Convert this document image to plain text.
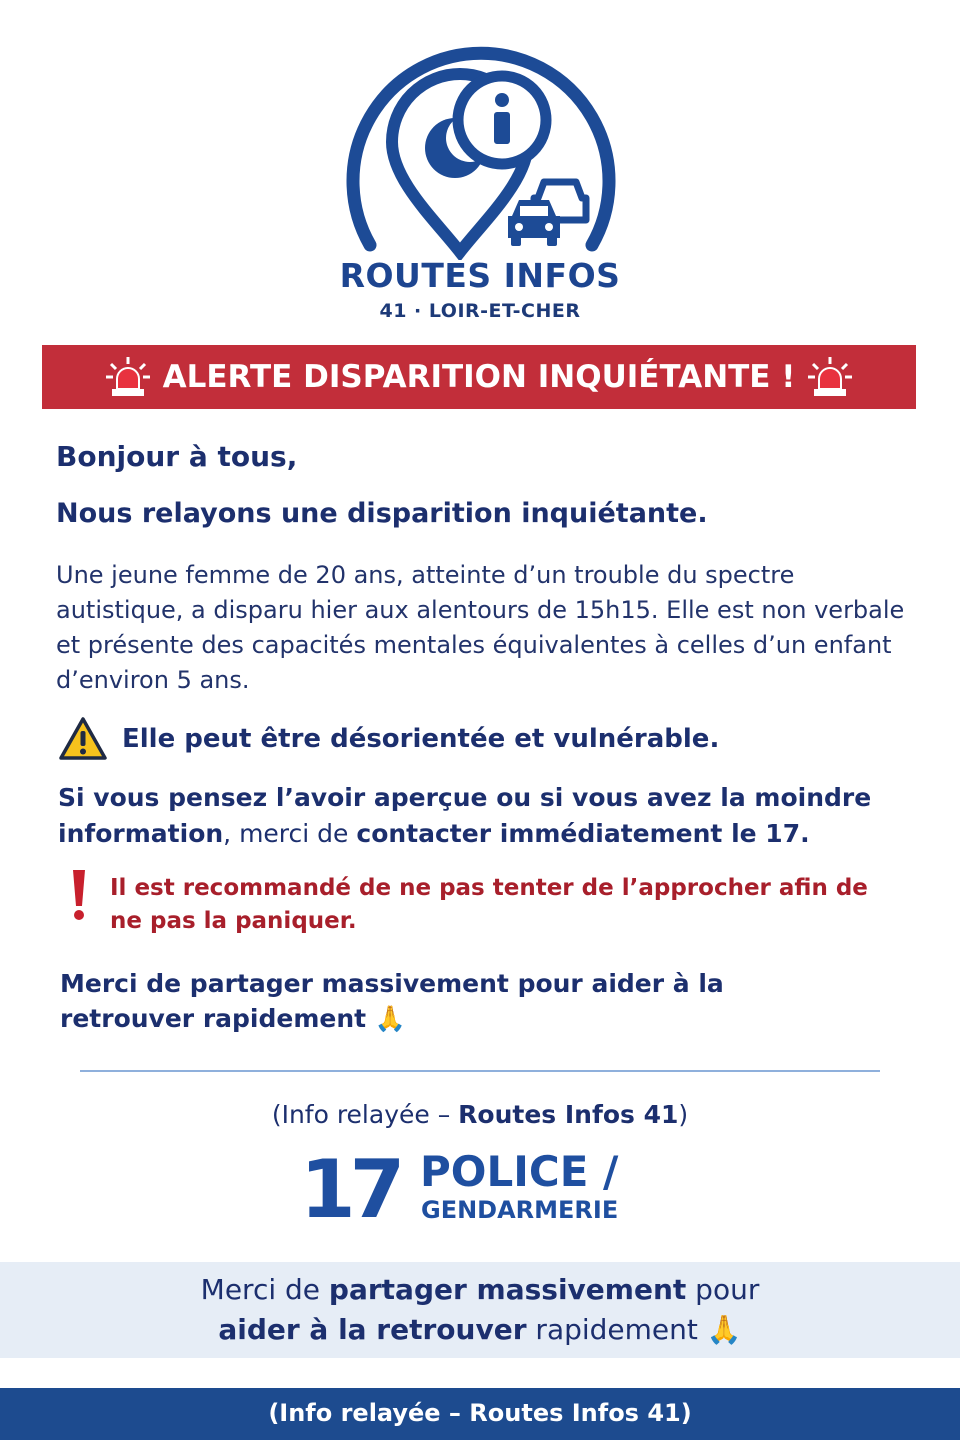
ROUTES INFOS
41 · LOIR-ET-CHER
ALERTE DISPARITION INQUIÉTANTE !
Bonjour à tous,
Nous relayons une disparition inquiétante.
Une jeune femme de 20 ans, atteinte d’un trouble du spectre autistique, a disparu hier aux alentours de 15h15. Elle est non verbale et présente des capacités mentales équivalentes à celles d’un enfant d’environ 5 ans.
Elle peut être désorientée et vulnérable.
Si vous pensez l’avoir aperçue ou si vous avez la moindre information, merci de contacter immédiatement le 17.
Il est recommandé de ne pas tenter de l’approcher afin de ne pas la paniquer.
Merci de partager massivement pour aider à la retrouver rapidement 🙏
(Info relayée – Routes Infos 41)
17 POLICE /
GENDARMERIE
Merci de partager massivement pour
aider à la retrouver rapidement 🙏
(Info relayée – Routes Infos 41)
